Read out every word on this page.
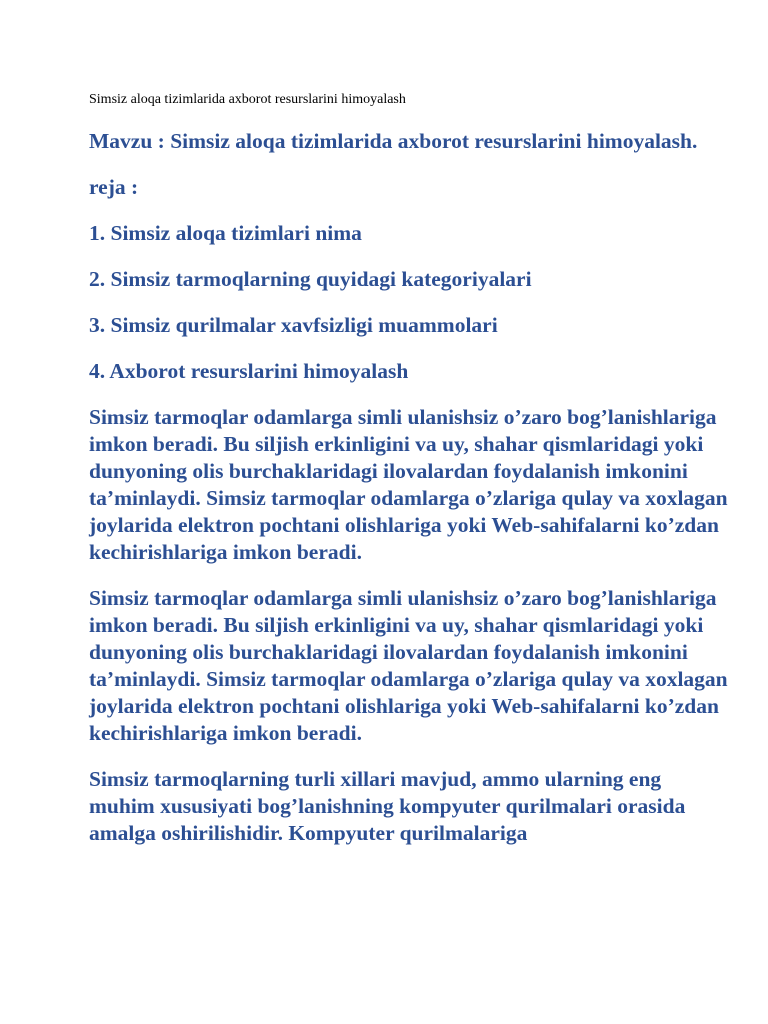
Simsiz aloqa tizimlarida axborot resurslarini himoyalash

Mavzu : Simsiz aloqa tizimlarida axborot resurslarini himoyalash.

reja :

1. Simsiz aloqa tizimlari nima

2. Simsiz tarmoqlarning quyidagi kategoriyalari

3. Simsiz qurilmalar xavfsizligi muammolari

4. Axborot resurslarini himoyalash

Simsiz tarmoqlar odamlarga simli ulanishsiz o’zaro bog’lanishlariga imkon beradi. Bu siljish erkinligini va uy, shahar qismlaridagi yoki dunyoning olis burchaklaridagi ilovalardan foydalanish imkonini ta’minlaydi. Simsiz tarmoqlar odamlarga o’zlariga qulay va xoxlagan joylarida elektron pochtani olishlariga yoki Web-sahifalarni ko’zdan kechirishlariga imkon beradi.

Simsiz tarmoqlar odamlarga simli ulanishsiz o’zaro bog’lanishlariga imkon beradi. Bu siljish erkinligini va uy, shahar qismlaridagi yoki dunyoning olis burchaklaridagi ilovalardan foydalanish imkonini ta’minlaydi. Simsiz tarmoqlar odamlarga o’zlariga qulay va xoxlagan joylarida elektron pochtani olishlariga yoki Web-sahifalarni ko’zdan kechirishlariga imkon beradi.

Simsiz tarmoqlarning turli xillari mavjud, ammo ularning eng muhim xususiyati bog’lanishning kompyuter qurilmalari orasida amalga oshirilishidir. Kompyuter qurilmalariga
